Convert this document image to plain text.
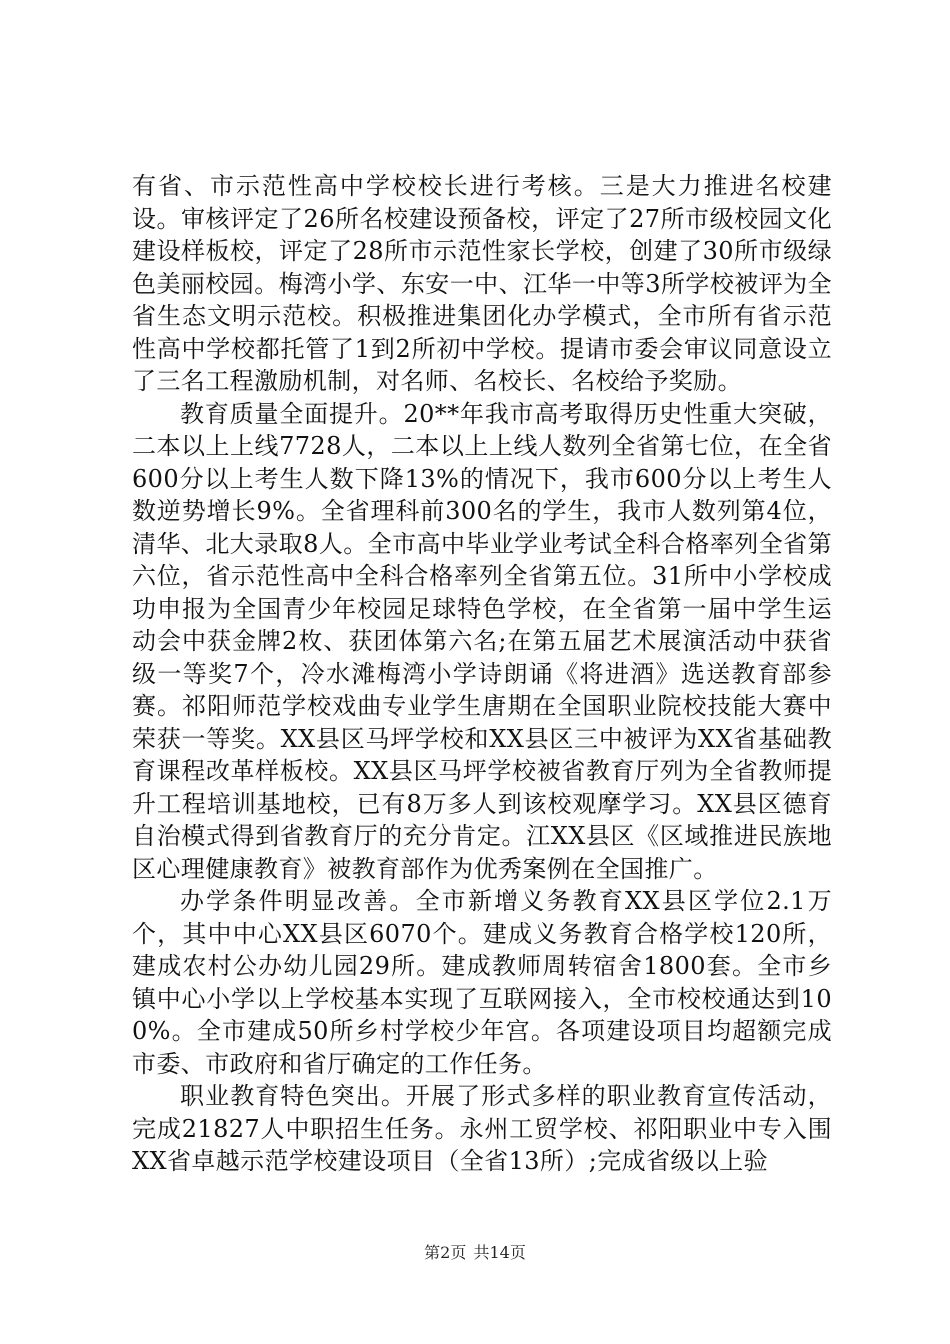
有省、市示范性高中学校校长进行考核。三是大力推进名校建设。审核评定了26所名校建设预备校，评定了27所市级校园文化建设样板校，评定了28所市示范性家长学校，创建了30所市级绿色美丽校园。梅湾小学、东安一中、江华一中等3所学校被评为全省生态文明示范校。积极推进集团化办学模式，全市所有省示范性高中学校都托管了1到2所初中学校。提请市委会审议同意设立了三名工程激励机制，对名师、名校长、名校给予奖励。

教育质量全面提升。20**年我市高考取得历史性重大突破，二本以上上线7728人，二本以上上线人数列全省第七位，在全省600分以上考生人数下降13%的情况下，我市600分以上考生人数逆势增长9%。全省理科前300名的学生，我市人数列第4位，清华、北大录取8人。全市高中毕业学业考试全科合格率列全省第六位，省示范性高中全科合格率列全省第五位。31所中小学校成功申报为全国青少年校园足球特色学校，在全省第一届中学生运动会中获金牌2枚、获团体第六名;在第五届艺术展演活动中获省级一等奖7个，冷水滩梅湾小学诗朗诵《将进酒》选送教育部参赛。祁阳师范学校戏曲专业学生唐期在全国职业院校技能大赛中荣获一等奖。XX县区马坪学校和XX县区三中被评为XX省基础教育课程改革样板校。XX县区马坪学校被省教育厅列为全省教师提升工程培训基地校，已有8万多人到该校观摩学习。XX县区德育自治模式得到省教育厅的充分肯定。江XX县区《区域推进民族地区心理健康教育》被教育部作为优秀案例在全国推广。

办学条件明显改善。全市新增义务教育XX县区学位2.1万个，其中中心XX县区6070个。建成义务教育合格学校120所，建成农村公办幼儿园29所。建成教师周转宿舍1800套。全市乡镇中心小学以上学校基本实现了互联网接入，全市校校通达到100%。全市建成50所乡村学校少年宫。各项建设项目均超额完成市委、市政府和省厅确定的工作任务。

职业教育特色突出。开展了形式多样的职业教育宣传活动，完成21827人中职招生任务。永州工贸学校、祁阳职业中专入围XX省卓越示范学校建设项目（全省13所）;完成省级以上验

第2页 共14页
